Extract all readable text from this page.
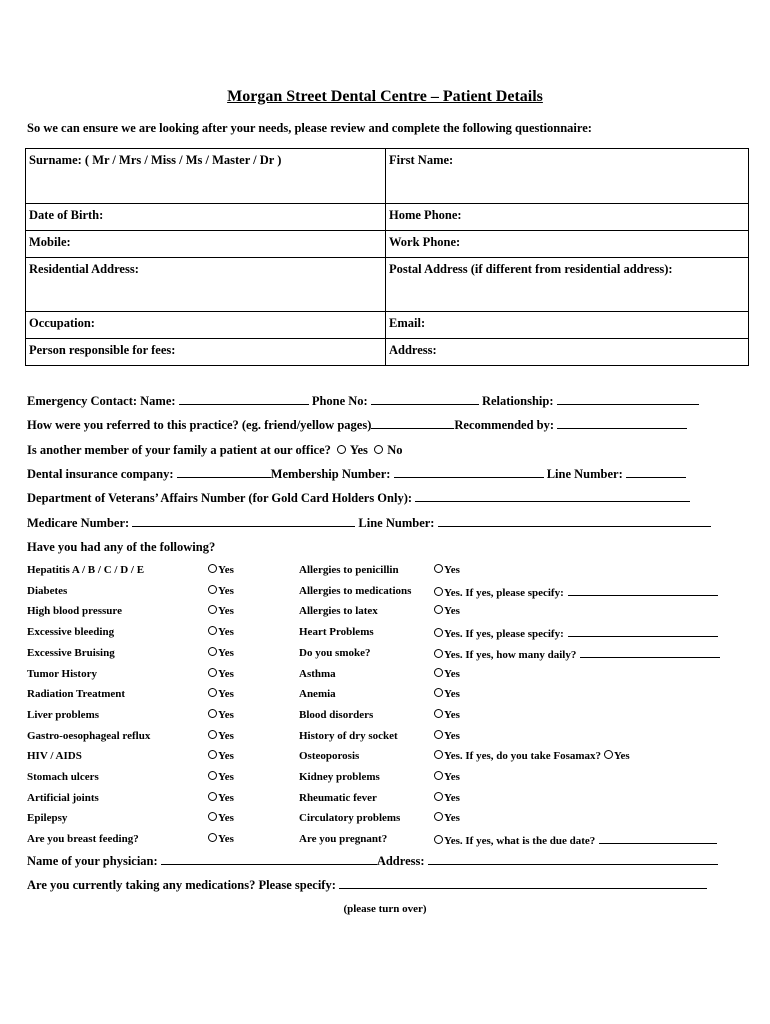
Morgan Street Dental Centre – Patient Details
So we can ensure we are looking after your needs, please review and complete the following questionnaire:
Surname: ( Mr / Mrs / Miss / Ms / Master / Dr )	First Name:
Date of Birth:	Home Phone:
Mobile:	Work Phone:
Residential Address:	Postal Address (if different from residential address):
Occupation:	Email:
Person responsible for fees:	Address:
Emergency Contact: Name:	Phone No:	Relationship:
How were you referred to this practice? (eg. friend/yellow pages)	Recommended by:
Is another member of your family a patient at our office? Yes No
Dental insurance company:	Membership Number:	Line Number:
Department of Veterans’ Affairs Number (for Gold Card Holders Only):
Medicare Number:	Line Number:
Have you had any of the following?
Hepatitis A / B / C / D / E	Yes	Allergies to penicillin	Yes
Diabetes	Yes	Allergies to medications	Yes. If yes, please specify:
High blood pressure	Yes	Allergies to latex	Yes
Excessive bleeding	Yes	Heart Problems	Yes. If yes, please specify:
Excessive Bruising	Yes	Do you smoke?	Yes. If yes, how many daily?
Tumor History	Yes	Asthma	Yes
Radiation Treatment	Yes	Anemia	Yes
Liver problems	Yes	Blood disorders	Yes
Gastro-oesophageal reflux	Yes	History of dry socket	Yes
HIV / AIDS	Yes	Osteoporosis	Yes. If yes, do you take Fosamax? Yes
Stomach ulcers	Yes	Kidney problems	Yes
Artificial joints	Yes	Rheumatic fever	Yes
Epilepsy	Yes	Circulatory problems	Yes
Are you breast feeding?	Yes	Are you pregnant?	Yes. If yes, what is the due date?
Name of your physician:	Address:
Are you currently taking any medications? Please specify:
(please turn over)
